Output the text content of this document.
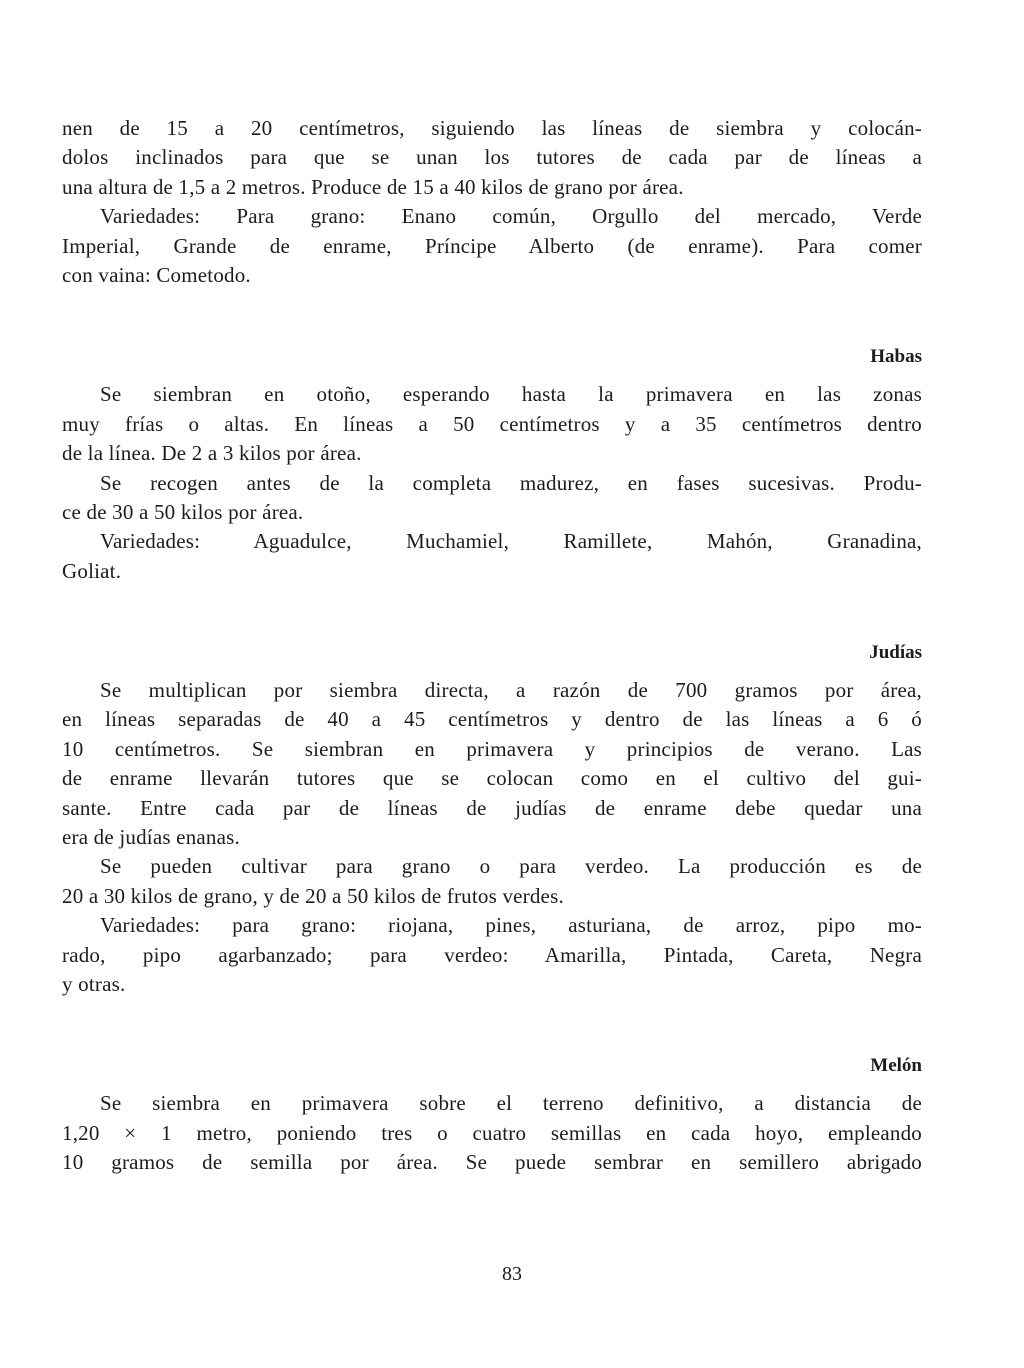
nen de 15 a 20 centímetros, siguiendo las líneas de siembra y colocán-
dolos inclinados para que se unan los tutores de cada par de líneas a
una altura de 1,5 a 2 metros. Produce de 15 a 40 kilos de grano por área.
Variedades: Para grano: Enano común, Orgullo del mercado, Verde
Imperial, Grande de enrame, Príncipe Alberto (de enrame). Para comer
con vaina: Cometodo.
Habas
Se siembran en otoño, esperando hasta la primavera en las zonas
muy frías o altas. En líneas a 50 centímetros y a 35 centímetros dentro
de la línea. De 2 a 3 kilos por área.
Se recogen antes de la completa madurez, en fases sucesivas. Produ-
ce de 30 a 50 kilos por área.
Variedades: Aguadulce, Muchamiel, Ramillete, Mahón, Granadina,
Goliat.
Judías
Se multiplican por siembra directa, a razón de 700 gramos por área,
en líneas separadas de 40 a 45 centímetros y dentro de las líneas a 6 ó
10 centímetros. Se siembran en primavera y principios de verano. Las
de enrame llevarán tutores que se colocan como en el cultivo del gui-
sante. Entre cada par de líneas de judías de enrame debe quedar una
era de judías enanas.
Se pueden cultivar para grano o para verdeo. La producción es de
20 a 30 kilos de grano, y de 20 a 50 kilos de frutos verdes.
Variedades: para grano: riojana, pines, asturiana, de arroz, pipo mo-
rado, pipo agarbanzado; para verdeo: Amarilla, Pintada, Careta, Negra
y otras.
Melón
Se siembra en primavera sobre el terreno definitivo, a distancia de
1,20 × 1 metro, poniendo tres o cuatro semillas en cada hoyo, empleando
10 gramos de semilla por área. Se puede sembrar en semillero abrigado
83
